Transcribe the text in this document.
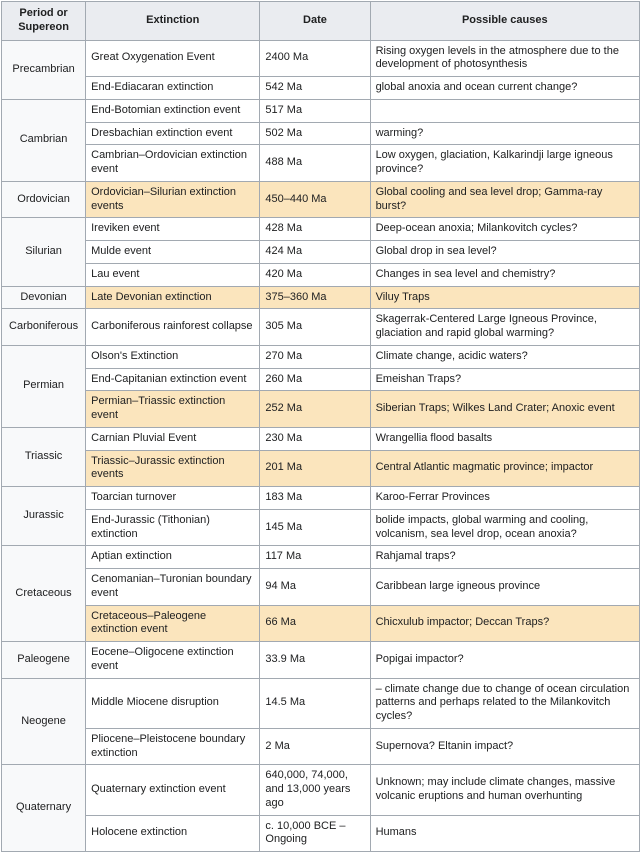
Period or Supereon	Extinction	Date	Possible causes
Precambrian	Great Oxygenation Event	2400 Ma	Rising oxygen levels in the atmosphere due to the development of photosynthesis
	End-Ediacaran extinction	542 Ma	global anoxia and ocean current change?
Cambrian	End-Botomian extinction event	517 Ma	
	Dresbachian extinction event	502 Ma	warming?
	Cambrian–Ordovician extinction event	488 Ma	Low oxygen, glaciation, Kalkarindji large igneous province?
Ordovician	Ordovician–Silurian extinction events	450–440 Ma	Global cooling and sea level drop; Gamma-ray burst?
Silurian	Ireviken event	428 Ma	Deep-ocean anoxia; Milankovitch cycles?
	Mulde event	424 Ma	Global drop in sea level?
	Lau event	420 Ma	Changes in sea level and chemistry?
Devonian	Late Devonian extinction	375–360 Ma	Viluy Traps
Carboniferous	Carboniferous rainforest collapse	305 Ma	Skagerrak-Centered Large Igneous Province, glaciation and rapid global warming?
Permian	Olson's Extinction	270 Ma	Climate change, acidic waters?
	End-Capitanian extinction event	260 Ma	Emeishan Traps?
	Permian–Triassic extinction event	252 Ma	Siberian Traps; Wilkes Land Crater; Anoxic event
Triassic	Carnian Pluvial Event	230 Ma	Wrangellia flood basalts
	Triassic–Jurassic extinction events	201 Ma	Central Atlantic magmatic province; impactor
Jurassic	Toarcian turnover	183 Ma	Karoo-Ferrar Provinces
	End-Jurassic (Tithonian) extinction	145 Ma	bolide impacts, global warming and cooling, volcanism, sea level drop, ocean anoxia?
Cretaceous	Aptian extinction	117 Ma	Rahjamal traps?
	Cenomanian–Turonian boundary event	94 Ma	Caribbean large igneous province
	Cretaceous–Paleogene extinction event	66 Ma	Chicxulub impactor; Deccan Traps?
Paleogene	Eocene–Oligocene extinction event	33.9 Ma	Popigai impactor?
Neogene	Middle Miocene disruption	14.5 Ma	– climate change due to change of ocean circulation patterns and perhaps related to the Milankovitch cycles?
	Pliocene–Pleistocene boundary extinction	2 Ma	Supernova? Eltanin impact?
Quaternary	Quaternary extinction event	640,000, 74,000, and 13,000 years ago	Unknown; may include climate changes, massive volcanic eruptions and human overhunting
	Holocene extinction	c. 10,000 BCE – Ongoing	Humans
